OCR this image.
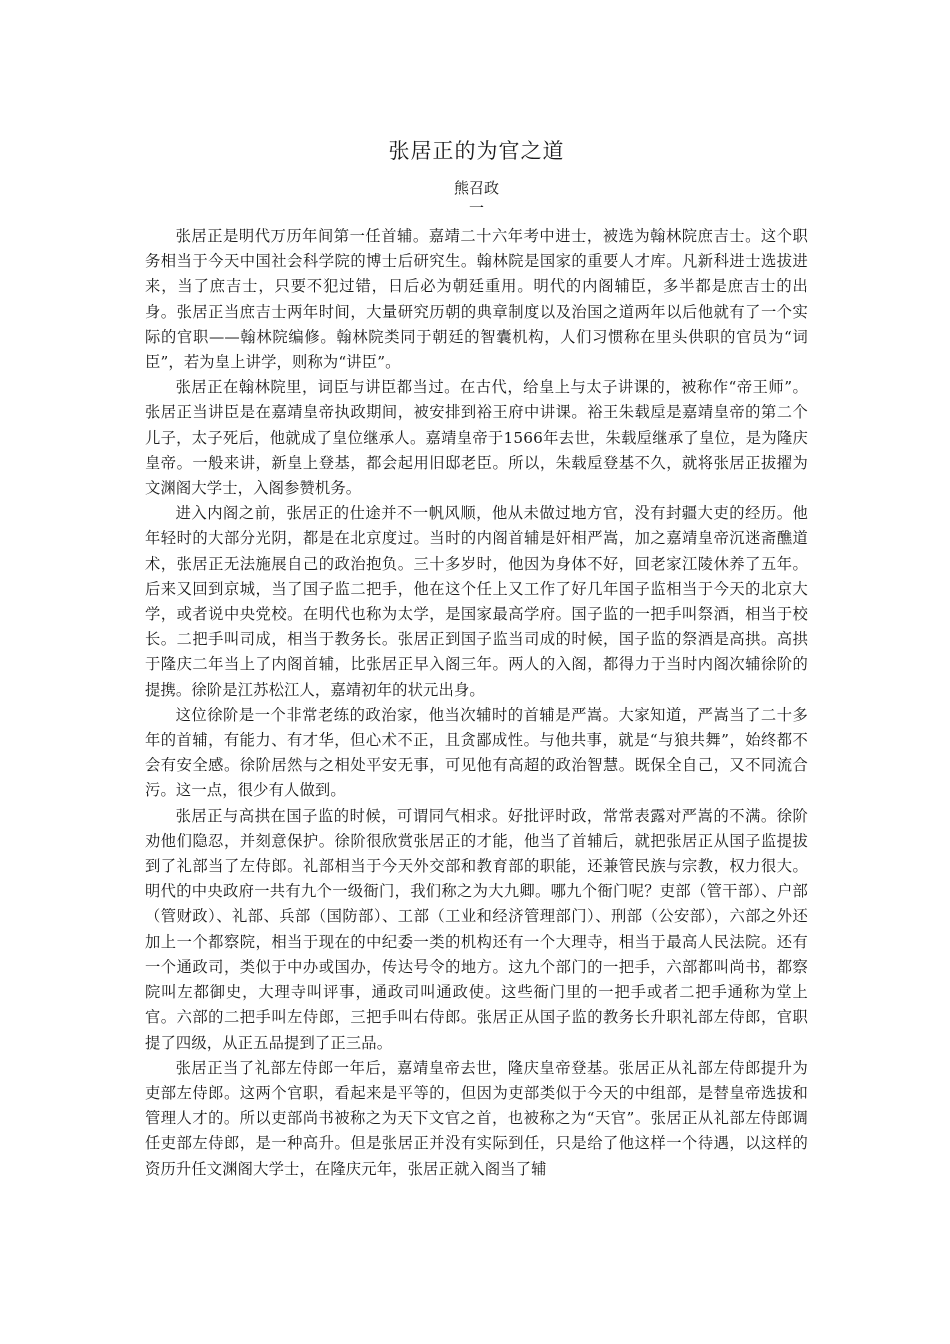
张居正的为官之道
熊召政
一

张居正是明代万历年间第一任首辅。嘉靖二十六年考中进士，被选为翰林院庶吉士。这个职务相当于今天中国社会科学院的博士后研究生。翰林院是国家的重要人才库。凡新科进士选拔进来，当了庶吉士，只要不犯过错，日后必为朝廷重用。明代的内阁辅臣，多半都是庶吉士的出身。张居正当庶吉士两年时间，大量研究历朝的典章制度以及治国之道两年以后他就有了一个实际的官职——翰林院编修。翰林院类同于朝廷的智囊机构，人们习惯称在里头供职的官员为“词臣”，若为皇上讲学，则称为“讲臣”。

张居正在翰林院里，词臣与讲臣都当过。在古代，给皇上与太子讲课的，被称作“帝王师”。张居正当讲臣是在嘉靖皇帝执政期间，被安排到裕王府中讲课。裕王朱载垕是嘉靖皇帝的第二个儿子，太子死后，他就成了皇位继承人。嘉靖皇帝于1566年去世，朱载垕继承了皇位，是为隆庆皇帝。一般来讲，新皇上登基，都会起用旧邸老臣。所以，朱载垕登基不久，就将张居正拔擢为文渊阁大学士，入阁参赞机务。

进入内阁之前，张居正的仕途并不一帆风顺，他从未做过地方官，没有封疆大吏的经历。他年轻时的大部分光阴，都是在北京度过。当时的内阁首辅是奸相严嵩，加之嘉靖皇帝沉迷斋醮道术，张居正无法施展自己的政治抱负。三十多岁时，他因为身体不好，回老家江陵休养了五年。后来又回到京城，当了国子监二把手，他在这个任上又工作了好几年国子监相当于今天的北京大学，或者说中央党校。在明代也称为太学，是国家最高学府。国子监的一把手叫祭酒，相当于校长。二把手叫司成，相当于教务长。张居正到国子监当司成的时候，国子监的祭酒是高拱。高拱于隆庆二年当上了内阁首辅，比张居正早入阁三年。两人的入阁，都得力于当时内阁次辅徐阶的提携。徐阶是江苏松江人，嘉靖初年的状元出身。

这位徐阶是一个非常老练的政治家，他当次辅时的首辅是严嵩。大家知道，严嵩当了二十多年的首辅，有能力、有才华，但心术不正，且贪鄙成性。与他共事，就是“与狼共舞”，始终都不会有安全感。徐阶居然与之相处平安无事，可见他有高超的政治智慧。既保全自己，又不同流合污。这一点，很少有人做到。

张居正与高拱在国子监的时候，可谓同气相求。好批评时政，常常表露对严嵩的不满。徐阶劝他们隐忍，并刻意保护。徐阶很欣赏张居正的才能，他当了首辅后，就把张居正从国子监提拔到了礼部当了左侍郎。礼部相当于今天外交部和教育部的职能，还兼管民族与宗教，权力很大。明代的中央政府一共有九个一级衙门，我们称之为大九卿。哪九个衙门呢？吏部（管干部）、户部（管财政）、礼部、兵部（国防部）、工部（工业和经济管理部门）、刑部（公安部），六部之外还加上一个都察院，相当于现在的中纪委一类的机构还有一个大理寺，相当于最高人民法院。还有一个通政司，类似于中办或国办，传达号令的地方。这九个部门的一把手，六部都叫尚书，都察院叫左都御史，大理寺叫评事，通政司叫通政使。这些衙门里的一把手或者二把手通称为堂上官。六部的二把手叫左侍郎，三把手叫右侍郎。张居正从国子监的教务长升职礼部左侍郎，官职提了四级，从正五品提到了正三品。

张居正当了礼部左侍郎一年后，嘉靖皇帝去世，隆庆皇帝登基。张居正从礼部左侍郎提升为吏部左侍郎。这两个官职，看起来是平等的，但因为吏部类似于今天的中组部，是替皇帝选拔和管理人才的。所以吏部尚书被称之为天下文官之首，也被称之为“天官”。张居正从礼部左侍郎调任吏部左侍郎，是一种高升。但是张居正并没有实际到任，只是给了他这样一个待遇，以这样的资历升任文渊阁大学士，在隆庆元年，张居正就入阁当了辅
